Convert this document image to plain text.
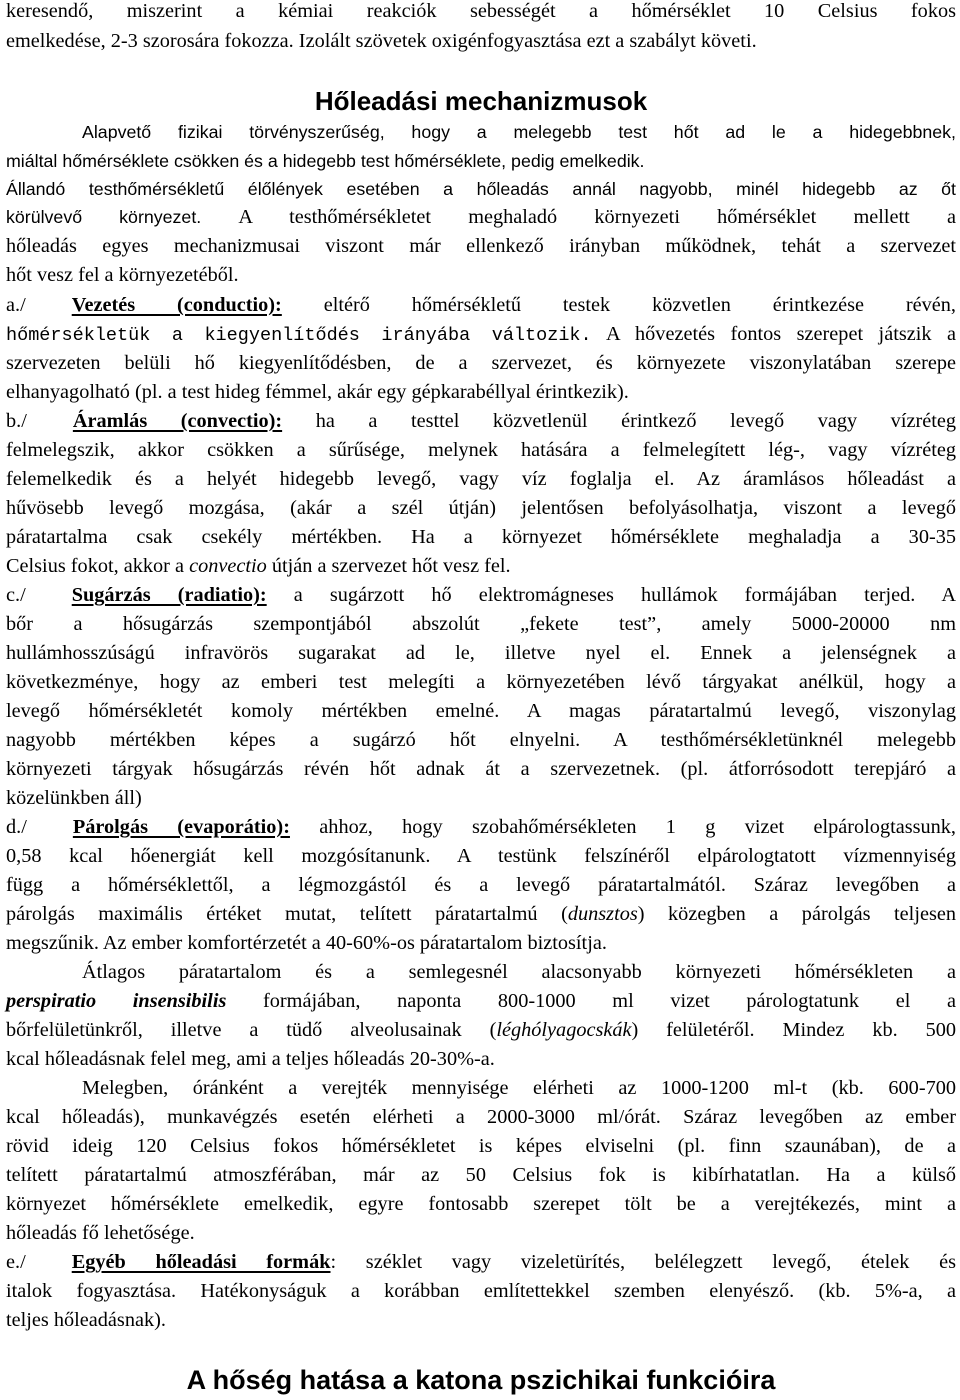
keresendő, miszerint a kémiai reakciók sebességét a hőmérséklet 10 Celsius fokos
emelkedése, 2-3 szorosára fokozza. Izolált szövetek oxigénfogyasztása ezt a szabályt követi.
Hőleadási mechanizmusok
Alapvető fizikai törvényszerűség, hogy a melegebb test hőt ad le a hidegebbnek,
miáltal hőmérséklete csökken és a hidegebb test hőmérséklete, pedig emelkedik.
Állandó testhőmérsékletű élőlények esetében a hőleadás annál nagyobb, minél hidegebb az őt
körülvevő környezet. A testhőmérsékletet meghaladó környezeti hőmérséklet mellett a
hőleadás egyes mechanizmusai viszont már ellenkező irányban működnek, tehát a szervezet
hőt vesz fel a környezetéből.
a./ Vezetés (conductio): eltérő hőmérsékletű testek közvetlen érintkezése révén,
hőmérsékletük a kiegyenlítődés irányába változik. A hővezetés fontos szerepet játszik a
szervezeten belüli hő kiegyenlítődésben, de a szervezet, és környezete viszonylatában szerepe
elhanyagolható (pl. a test hideg fémmel, akár egy gépkarabéllyal érintkezik).
b./ Áramlás (convectio): ha a testtel közvetlenül érintkező levegő vagy vízréteg
felmelegszik, akkor csökken a sűrűsége, melynek hatására a felmelegített lég-, vagy vízréteg
felemelkedik és a helyét hidegebb levegő, vagy víz foglalja el. Az áramlásos hőleadást a
hűvösebb levegő mozgása, (akár a szél útján) jelentősen befolyásolhatja, viszont a levegő
páratartalma csak csekély mértékben. Ha a környezet hőmérséklete meghaladja a 30-35
Celsius fokot, akkor a convectio útján a szervezet hőt vesz fel.
c./ Sugárzás (radiatio): a sugárzott hő elektromágneses hullámok formájában terjed. A
bőr a hősugárzás szempontjából abszolút „fekete test”, amely 5000-20000 nm
hullámhosszúságú infravörös sugarakat ad le, illetve nyel el. Ennek a jelenségnek a
következménye, hogy az emberi test melegíti a környezetében lévő tárgyakat anélkül, hogy a
levegő hőmérsékletét komoly mértékben emelné. A magas páratartalmú levegő, viszonylag
nagyobb mértékben képes a sugárzó hőt elnyelni. A testhőmérsékletünknél melegebb
környezeti tárgyak hősugárzás révén hőt adnak át a szervezetnek. (pl. átforrósodott terepjáró a
közelünkben áll)
d./ Párolgás (evaporátio): ahhoz, hogy szobahőmérsékleten 1 g vizet elpárologtassunk,
0,58 kcal hőenergiát kell mozgósítanunk. A testünk felszínéről elpárologtatott vízmennyiség
függ a hőmérséklettől, a légmozgástól és a levegő páratartalmától. Száraz levegőben a
párolgás maximális értéket mutat, telített páratartalmú (dunsztos) közegben a párolgás teljesen
megszűnik. Az ember komfortérzetét a 40-60%-os páratartalom biztosítja.
Átlagos páratartalom és a semlegesnél alacsonyabb környezeti hőmérsékleten a
perspiratio insensibilis formájában, naponta 800-1000 ml vizet párologtatunk el a
bőrfelületünkről, illetve a tüdő alveolusainak (léghólyagocskák) felületéről. Mindez kb. 500
kcal hőleadásnak felel meg, ami a teljes hőleadás 20-30%-a.
Melegben, óránként a verejték mennyisége elérheti az 1000-1200 ml-t (kb. 600-700
kcal hőleadás), munkavégzés esetén elérheti a 2000-3000 ml/órát. Száraz levegőben az ember
rövid ideig 120 Celsius fokos hőmérsékletet is képes elviselni (pl. finn szaunában), de a
telített páratartalmú atmoszférában, már az 50 Celsius fok is kibírhatatlan. Ha a külső
környezet hőmérséklete emelkedik, egyre fontosabb szerepet tölt be a verejtékezés, mint a
hőleadás fő lehetősége.
e./ Egyéb hőleadási formák: széklet vagy vizeletürítés, belélegzett levegő, ételek és
italok fogyasztása. Hatékonyságuk a korábban említettekkel szemben elenyésző. (kb. 5%-a, a
teljes hőleadásnak).
A hőség hatása a katona pszichikai funkcióira
